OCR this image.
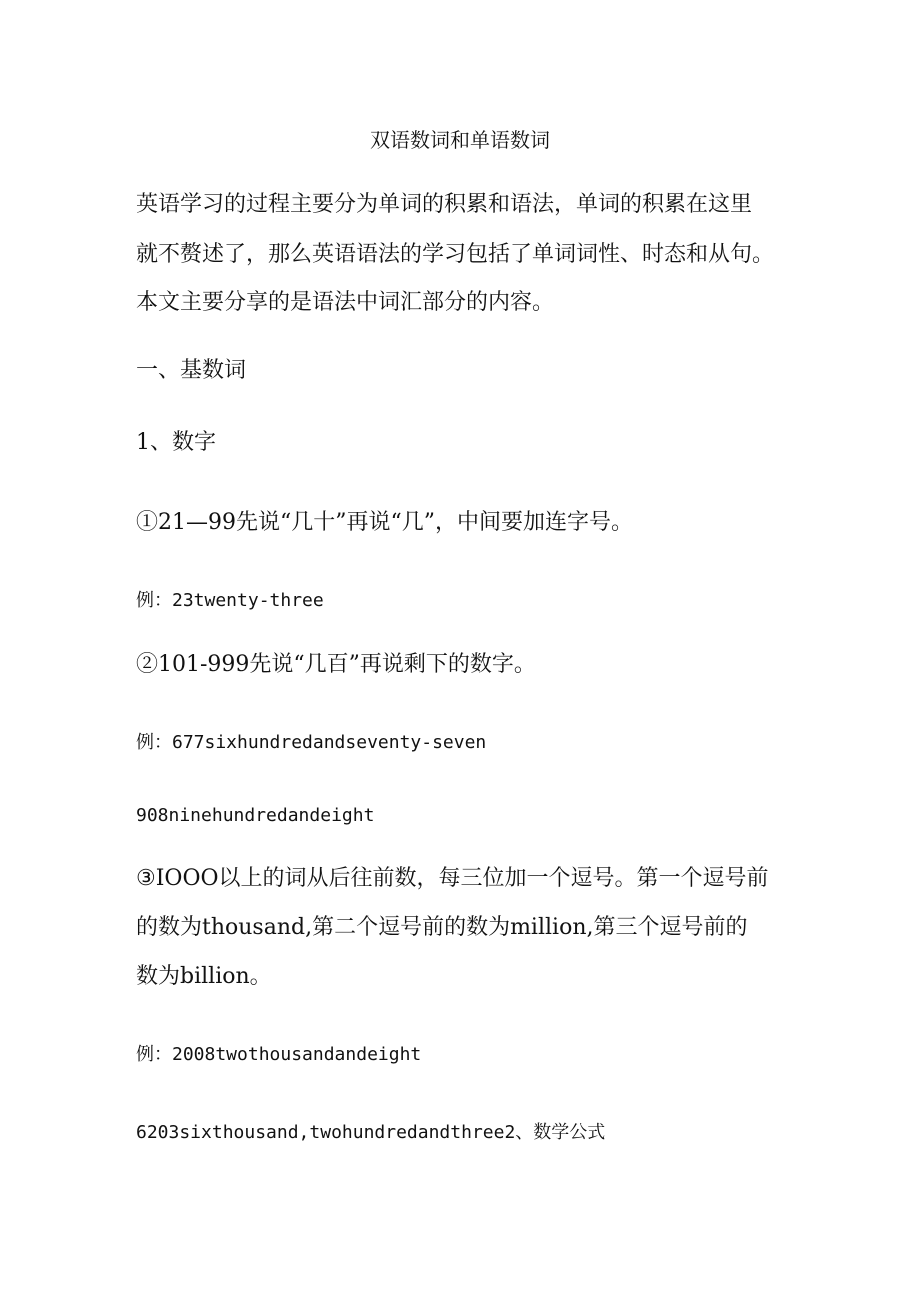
双语数词和单语数词
英语学习的过程主要分为单词的积累和语法，单词的积累在这里
就不赘述了，那么英语语法的学习包括了单词词性、时态和从句。
本文主要分享的是语法中词汇部分的内容。
一、基数词
1、数字
①21—99先说“几十”再说“几”，中间要加连字号。
例：23twenty-three
②101-999先说“几百”再说剩下的数字。
例：677sixhundredandseventy-seven
908ninehundredandeight
③IOOO以上的词从后往前数，每三位加一个逗号。第一个逗号前
的数为thousand,第二个逗号前的数为million,第三个逗号前的
数为billion。
例：2008twothousandandeight
6203sixthousand,twohundredandthree2、数学公式
